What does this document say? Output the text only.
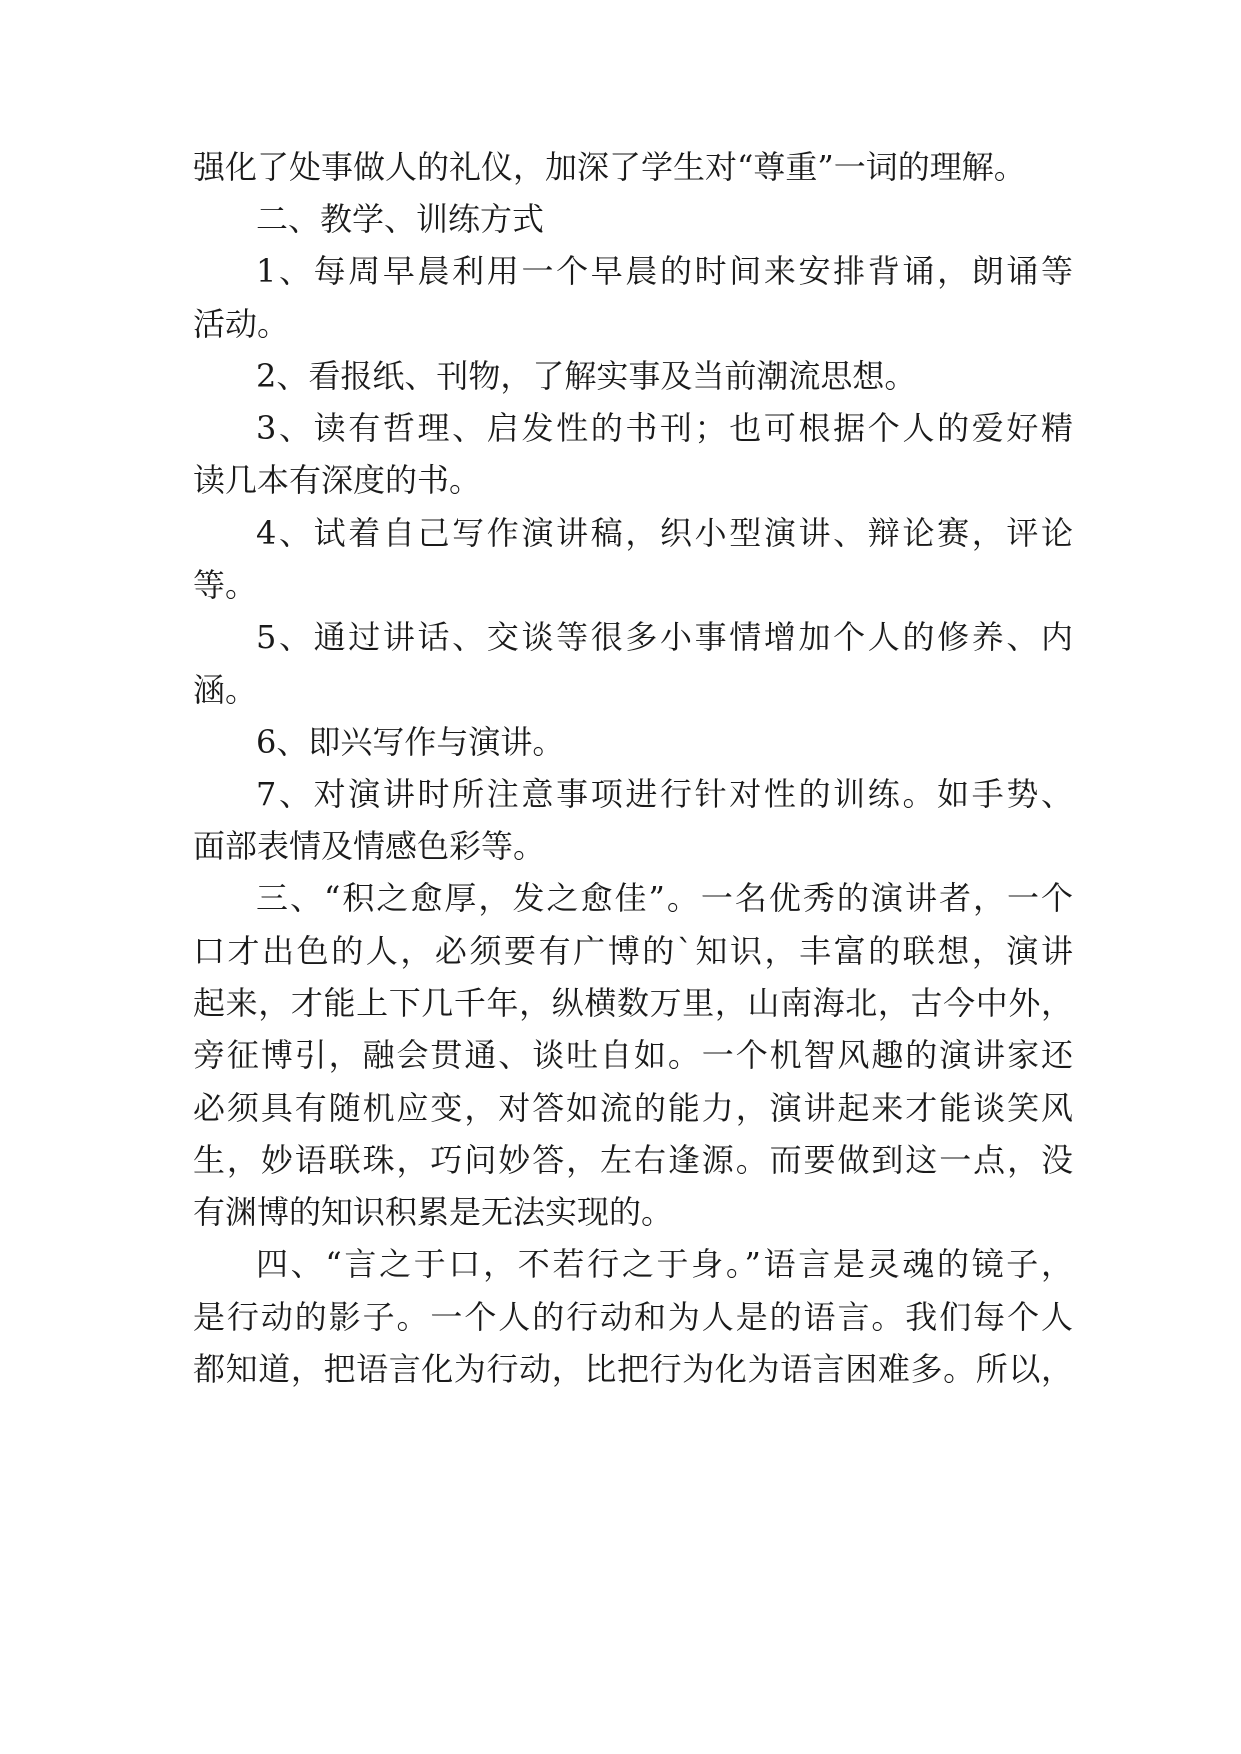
强化了处事做人的礼仪，加深了学生对“尊重”一词的理解。
二、教学、训练方式
1、每周早晨利用一个早晨的时间来安排背诵，朗诵等
活动。
2、看报纸、刊物，了解实事及当前潮流思想。
3、读有哲理、启发性的书刊；也可根据个人的爱好精
读几本有深度的书。
4、试着自己写作演讲稿，织小型演讲、辩论赛，评论
等。
5、通过讲话、交谈等很多小事情增加个人的修养、内
涵。
6、即兴写作与演讲。
7、对演讲时所注意事项进行针对性的训练。如手势、
面部表情及情感色彩等。
三、“积之愈厚，发之愈佳”。一名优秀的演讲者，一个
口才出色的人，必须要有广博的`知识，丰富的联想，演讲
起来，才能上下几千年，纵横数万里，山南海北，古今中外，
旁征博引，融会贯通、谈吐自如。一个机智风趣的演讲家还
必须具有随机应变，对答如流的能力，演讲起来才能谈笑风
生，妙语联珠，巧问妙答，左右逢源。而要做到这一点，没
有渊博的知识积累是无法实现的。
四、“言之于口，不若行之于身。”语言是灵魂的镜子，
是行动的影子。一个人的行动和为人是的语言。我们每个人
都知道，把语言化为行动，比把行为化为语言困难多。所以，
